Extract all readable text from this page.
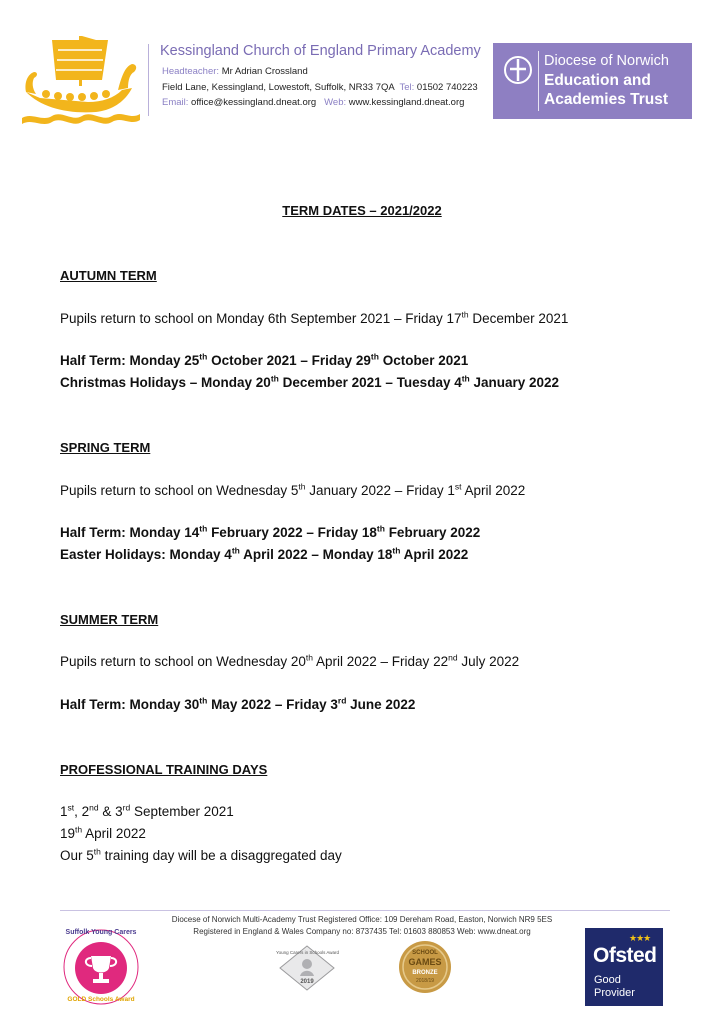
Kessingland Church of England Primary Academy
Headteacher: Mr Adrian Crossland
Field Lane, Kessingland, Lowestoft, Suffolk, NR33 7QA Tel: 01502 740223
Email: office@kessingland.dneat.org Web: www.kessingland.dneat.org
Diocese of Norwich
Education and
Academies Trust
TERM DATES – 2021/2022
AUTUMN TERM
Pupils return to school on Monday 6th September 2021 – Friday 17th December 2021
Half Term: Monday 25th October 2021 – Friday 29th October 2021
Christmas Holidays – Monday 20th December 2021 – Tuesday 4th January 2022
SPRING TERM
Pupils return to school on Wednesday 5th January 2022 – Friday 1st April 2022
Half Term: Monday 14th February 2022 – Friday 18th February 2022
Easter Holidays: Monday 4th April 2022 – Monday 18th April 2022
SUMMER TERM
Pupils return to school on Wednesday 20th April 2022 – Friday 22nd July 2022
Half Term: Monday 30th May 2022 – Friday 3rd June 2022
PROFESSIONAL TRAINING DAYS
1st, 2nd & 3rd September 2021
19th April 2022
Our 5th training day will be a disaggregated day
Diocese of Norwich Multi-Academy Trust Registered Office: 109 Dereham Road, Easton, Norwich NR9 5ES
Registered in England & Wales Company no: 8737435 Tel: 01603 880853 Web: www.dneat.org
Suffolk Young Carers
GOLD Schools Award
Young Carers in Schools Award
2019
SCHOOL
GAMES
BRONZE
2018/19
★★★
Ofsted
Good
Provider
